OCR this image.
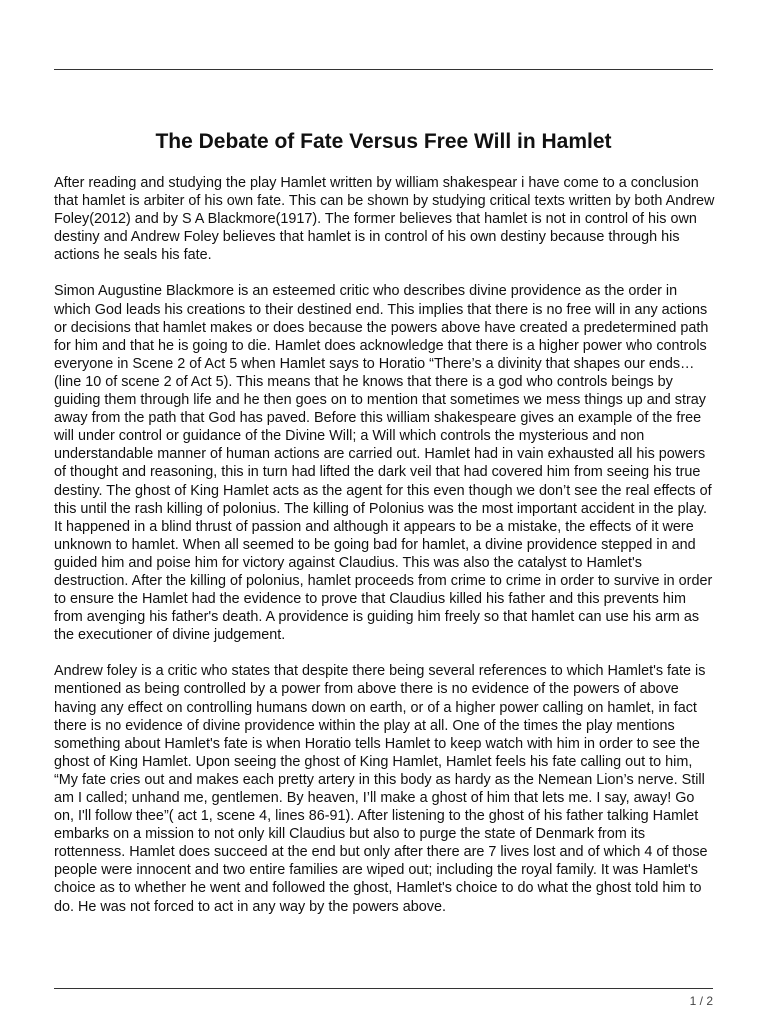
The Debate of Fate Versus Free Will in Hamlet

After reading and studying the play Hamlet written by william shakespear i have come to a conclusion that hamlet is arbiter of his own fate. This can be shown by studying critical texts written by both Andrew Foley(2012) and by S A Blackmore(1917). The former believes that hamlet is not in control of his own destiny and Andrew Foley believes that hamlet is in control of his own destiny because through his actions he seals his fate.

Simon Augustine Blackmore is an esteemed critic who describes divine providence as the order in which God leads his creations to their destined end. This implies that there is no free will in any actions or decisions that hamlet makes or does because the powers above have created a predetermined path for him and that he is going to die. Hamlet does acknowledge that there is a higher power who controls everyone in Scene 2 of Act 5 when Hamlet says to Horatio “There’s a divinity that shapes our ends…(line 10 of scene 2 of Act 5). This means that he knows that there is a god who controls beings by guiding them through life and he then goes on to mention that sometimes we mess things up and stray away from the path that God has paved. Before this william shakespeare gives an example of the free will under control or guidance of the Divine Will; a Will which controls the mysterious and non understandable manner of human actions are carried out. Hamlet had in vain exhausted all his powers of thought and reasoning, this in turn had lifted the dark veil that had covered him from seeing his true destiny. The ghost of King Hamlet acts as the agent for this even though we don’t see the real effects of this until the rash killing of polonius. The killing of Polonius was the most important accident in the play. It happened in a blind thrust of passion and although it appears to be a mistake, the effects of it were unknown to hamlet. When all seemed to be going bad for hamlet, a divine providence stepped in and guided him and poise him for victory against Claudius. This was also the catalyst to Hamlet's destruction. After the killing of polonius, hamlet proceeds from crime to crime in order to survive in order to ensure the Hamlet had the evidence to prove that Claudius killed his father and this prevents him from avenging his father's death. A providence is guiding him freely so that hamlet can use his arm as the executioner of divine judgement.

Andrew foley is a critic who states that despite there being several references to which Hamlet's fate is mentioned as being controlled by a power from above there is no evidence of the powers of above having any effect on controlling humans down on earth, or of a higher power calling on hamlet, in fact there is no evidence of divine providence within the play at all. One of the times the play mentions something about Hamlet's fate is when Horatio tells Hamlet to keep watch with him in order to see the ghost of King Hamlet. Upon seeing the ghost of King Hamlet, Hamlet feels his fate calling out to him, “My fate cries out and makes each pretty artery in this body as hardy as the Nemean Lion’s nerve. Still am I called; unhand me, gentlemen. By heaven, I’ll make a ghost of him that lets me. I say, away! Go on, I'll follow thee”( act 1, scene 4, lines 86-91). After listening to the ghost of his father talking Hamlet embarks on a mission to not only kill Claudius but also to purge the state of Denmark from its rottenness. Hamlet does succeed at the end but only after there are 7 lives lost and of which 4 of those people were innocent and two entire families are wiped out; including the royal family. It was Hamlet's choice as to whether he went and followed the ghost, Hamlet's choice to do what the ghost told him to do. He was not forced to act in any way by the powers above.

1 / 2
